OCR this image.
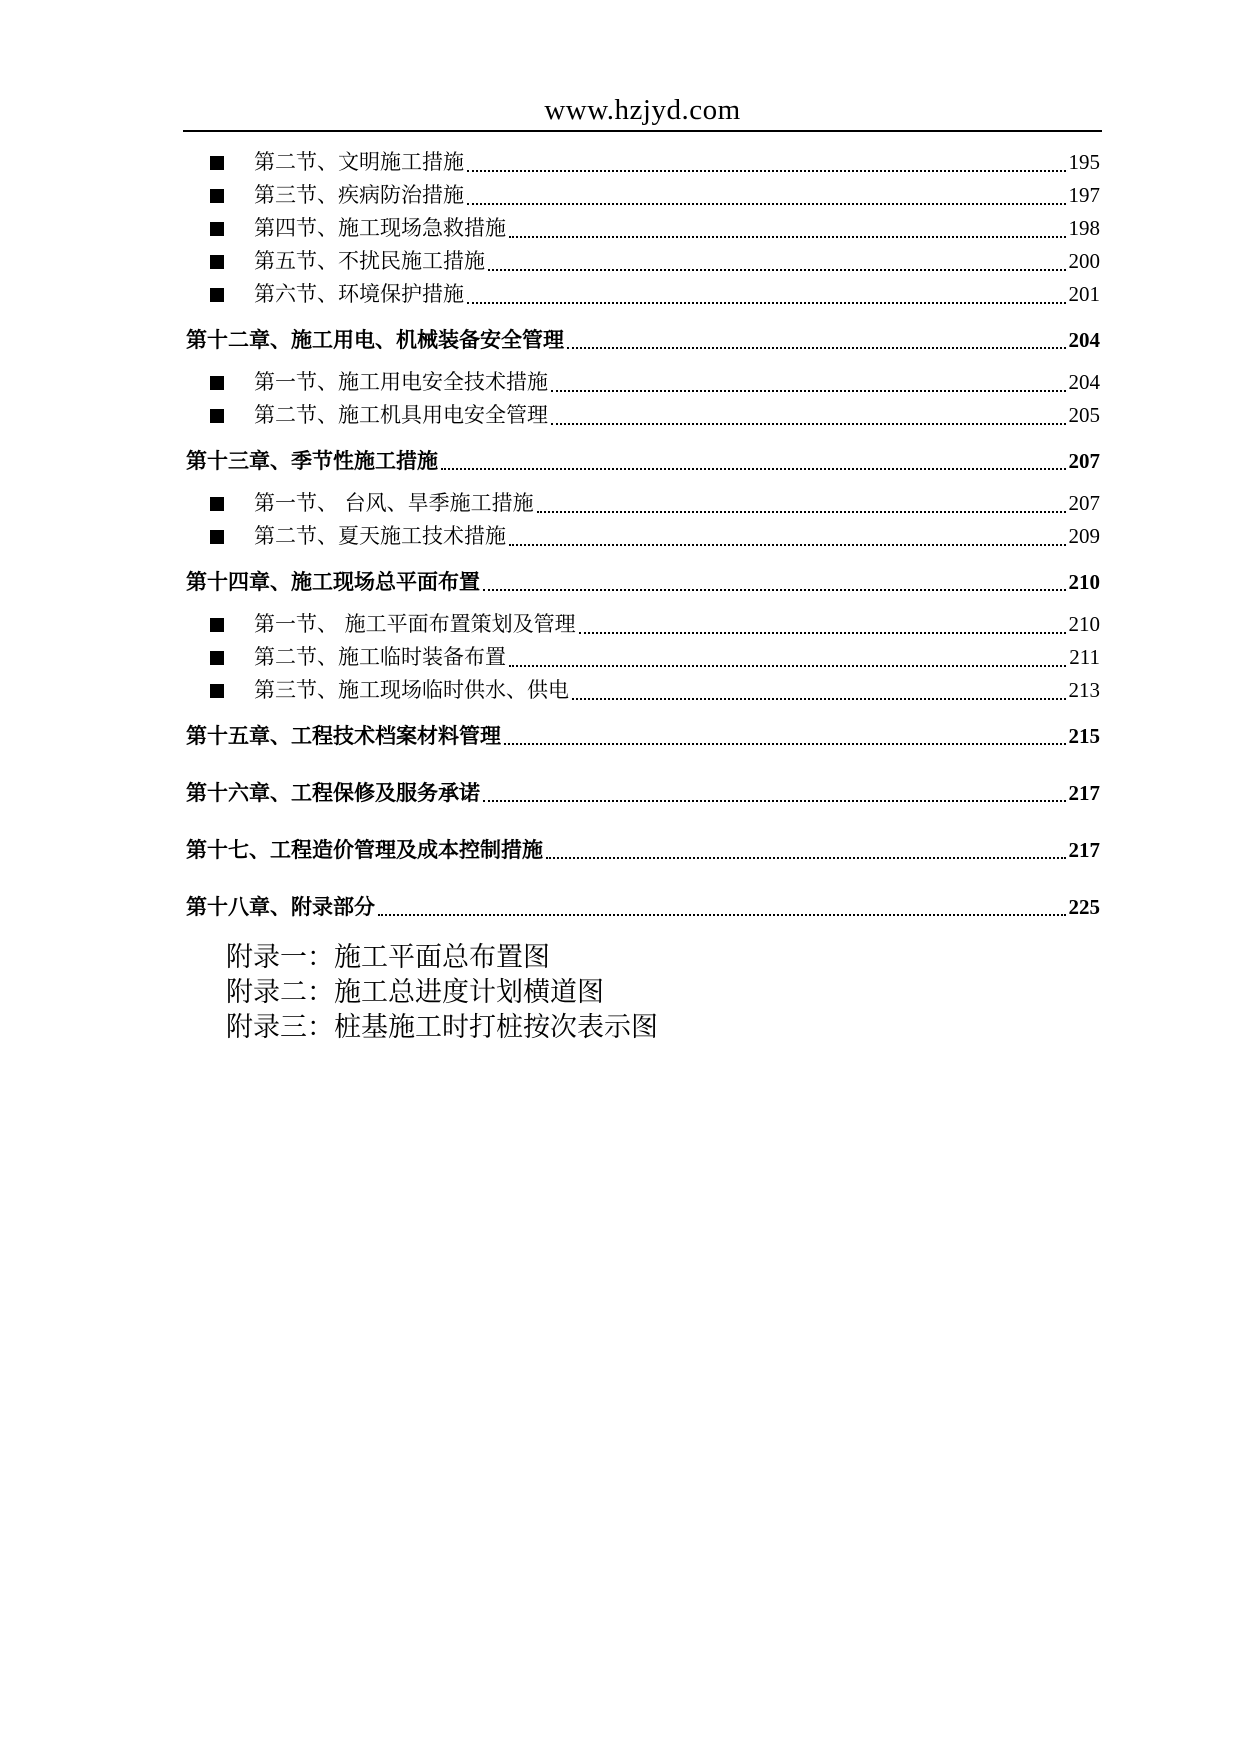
www.hzjyd.com
第二节、文明施工措施	195
第三节、疾病防治措施	197
第四节、施工现场急救措施	198
第五节、不扰民施工措施	200
第六节、环境保护措施	201
第十二章、施工用电、机械装备安全管理	204
第一节、施工用电安全技术措施	204
第二节、施工机具用电安全管理	205
第十三章、季节性施工措施	207
第一节、 台风、旱季施工措施	207
第二节、夏天施工技术措施	209
第十四章、施工现场总平面布置	210
第一节、 施工平面布置策划及管理	210
第二节、施工临时装备布置	211
第三节、施工现场临时供水、供电	213
第十五章、工程技术档案材料管理	215
第十六章、工程保修及服务承诺	217
第十七、工程造价管理及成本控制措施	217
第十八章、附录部分	225
附录一：施工平面总布置图
附录二：施工总进度计划横道图
附录三：桩基施工时打桩按次表示图
